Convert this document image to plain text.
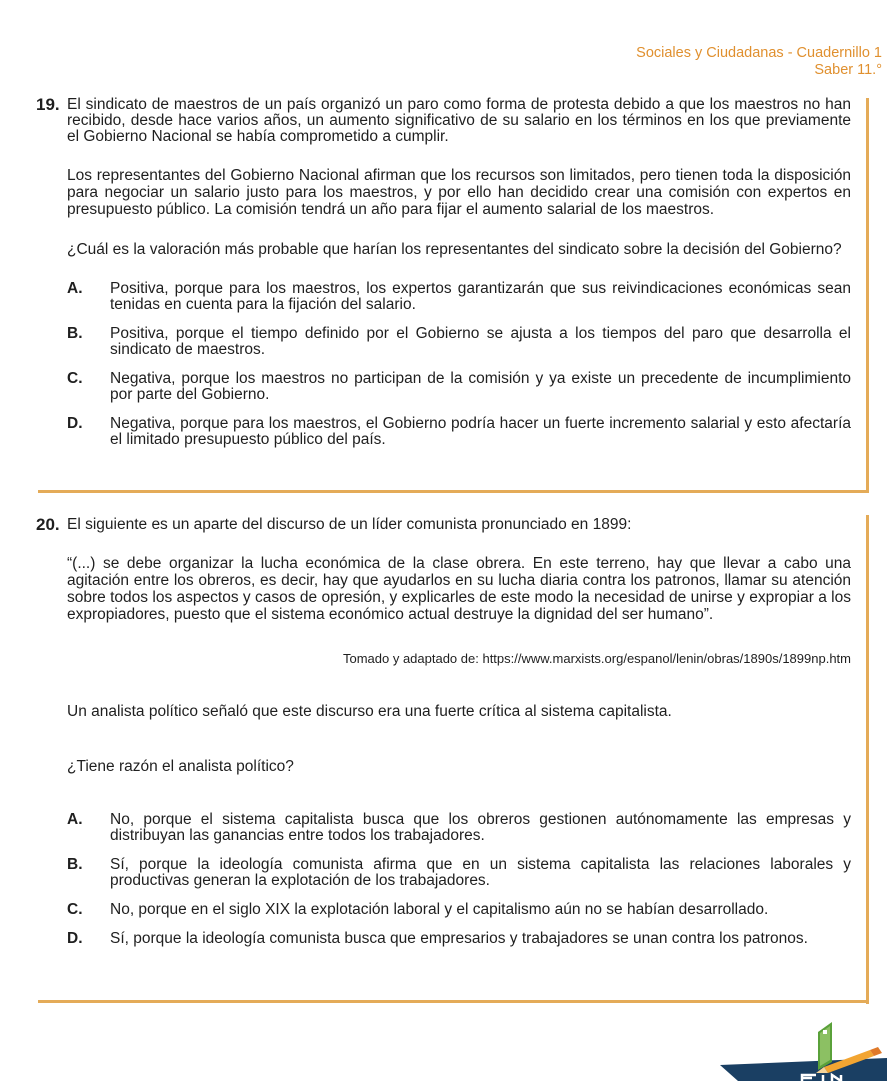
Sociales y Ciudadanas - Cuadernillo 1
Saber 11.°
19. El sindicato de maestros de un país organizó un paro como forma de protesta debido a que los maestros no han recibido, desde hace varios años, un aumento significativo de su salario en los términos en los que previamente el Gobierno Nacional se había comprometido a cumplir.
Los representantes del Gobierno Nacional afirman que los recursos son limitados, pero tienen toda la disposición para negociar un salario justo para los maestros, y por ello han decidido crear una comisión con expertos en presupuesto público. La comisión tendrá un año para fijar el aumento salarial de los maestros.
¿Cuál es la valoración más probable que harían los representantes del sindicato sobre la decisión del Gobierno?
A. Positiva, porque para los maestros, los expertos garantizarán que sus reivindicaciones económicas sean tenidas en cuenta para la fijación del salario.
B. Positiva, porque el tiempo definido por el Gobierno se ajusta a los tiempos del paro que desarrolla el sindicato de maestros.
C. Negativa, porque los maestros no participan de la comisión y ya existe un precedente de incumplimiento por parte del Gobierno.
D. Negativa, porque para los maestros, el Gobierno podría hacer un fuerte incremento salarial y esto afectaría el limitado presupuesto público del país.
20. El siguiente es un aparte del discurso de un líder comunista pronunciado en 1899:
“(...) se debe organizar la lucha económica de la clase obrera. En este terreno, hay que llevar a cabo una agitación entre los obreros, es decir, hay que ayudarlos en su lucha diaria contra los patronos, llamar su atención sobre todos los aspectos y casos de opresión, y explicarles de este modo la necesidad de unirse y expropiar a los expropiadores, puesto que el sistema económico actual destruye la dignidad del ser humano”.
Tomado y adaptado de: https://www.marxists.org/espanol/lenin/obras/1890s/1899np.htm
Un analista político señaló que este discurso era una fuerte crítica al sistema capitalista.
¿Tiene razón el analista político?
A. No, porque el sistema capitalista busca que los obreros gestionen autónomamente las empresas y distribuyan las ganancias entre todos los trabajadores.
B. Sí, porque la ideología comunista afirma que en un sistema capitalista las relaciones laborales y productivas generan la explotación de los trabajadores.
C. No, porque en el siglo XIX la explotación laboral y el capitalismo aún no se habían desarrollado.
D. Sí, porque la ideología comunista busca que empresarios y trabajadores se unan contra los patronos.
